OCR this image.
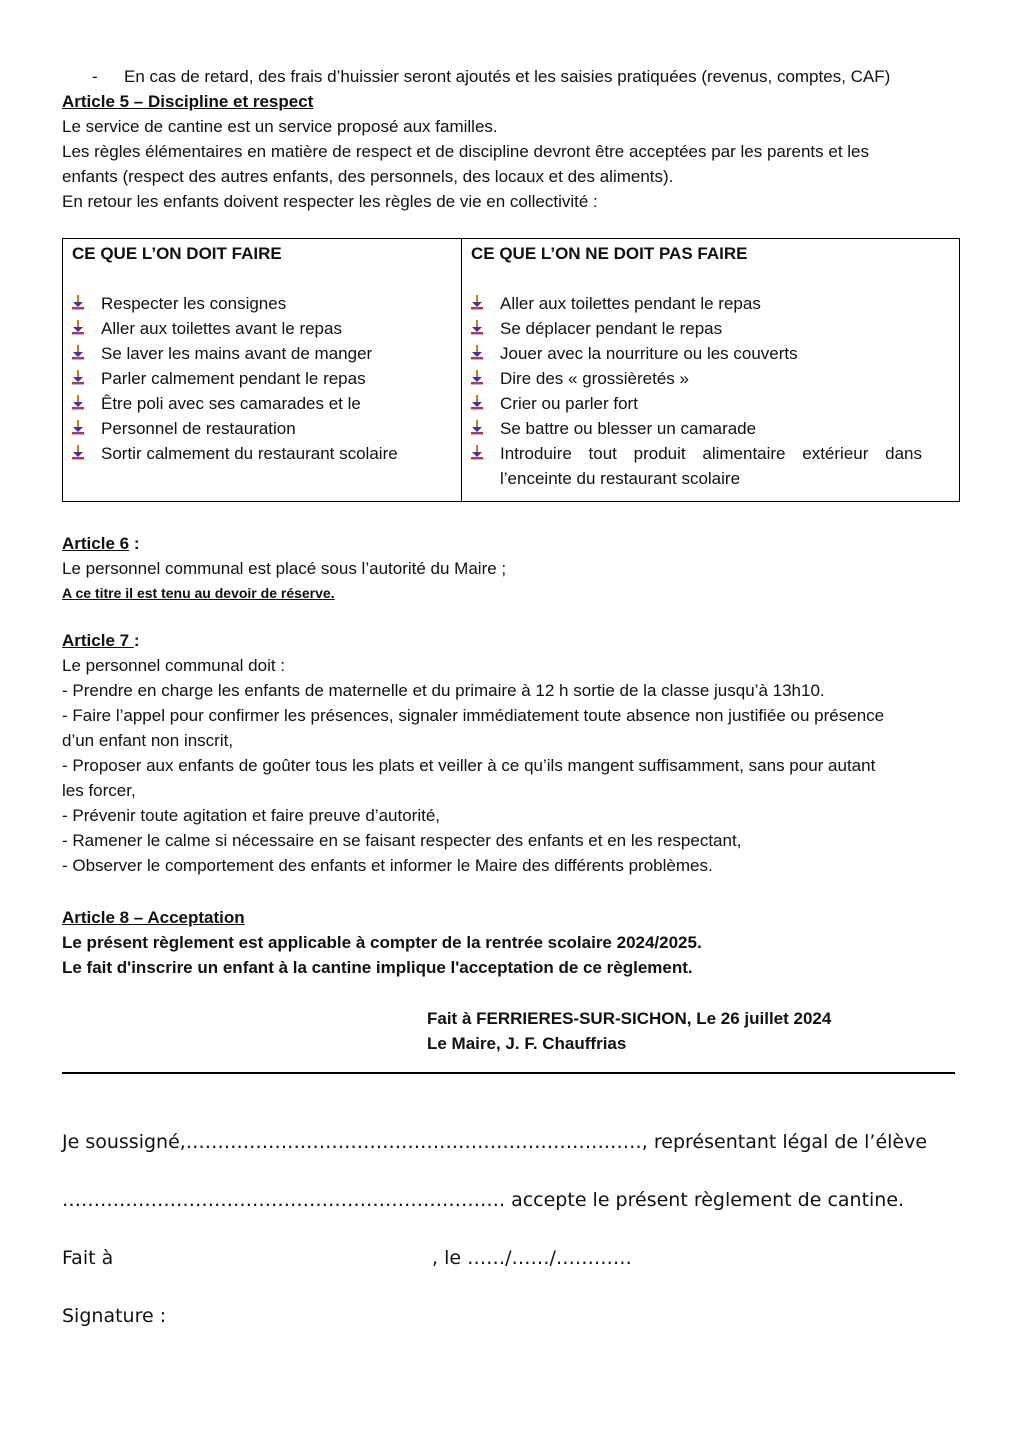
- En cas de retard, des frais d’huissier seront ajoutés et les saisies pratiquées (revenus, comptes, CAF)

Article 5 – Discipline et respect

Le service de cantine est un service proposé aux familles.

Les règles élémentaires en matière de respect et de discipline devront être acceptées par les parents et les

enfants (respect des autres enfants, des personnels, des locaux et des aliments).

En retour les enfants doivent respecter les règles de vie en collectivité :

CE QUE L’ON DOIT FAIRE
Respecter les consignes
Aller aux toilettes avant le repas
Se laver les mains avant de manger
Parler calmement pendant le repas
Être poli avec ses camarades et le
Personnel de restauration
Sortir calmement du restaurant scolaire
CE QUE L’ON NE DOIT PAS FAIRE
Aller aux toilettes pendant le repas
Se déplacer pendant le repas
Jouer avec la nourriture ou les couverts
Dire des « grossièretés »
Crier ou parler fort
Se battre ou blesser un camarade
Introduire tout produit alimentaire extérieur dans l’enceinte du restaurant scolaire

Article 6 :

Le personnel communal est placé sous l’autorité du Maire ;

A ce titre il est tenu au devoir de réserve.

Article 7 :

Le personnel communal doit :

- Prendre en charge les enfants de maternelle et du primaire à 12 h sortie de la classe jusqu’à 13h10.

- Faire l’appel pour confirmer les présences, signaler immédiatement toute absence non justifiée ou présence

d’un enfant non inscrit,

- Proposer aux enfants de goûter tous les plats et veiller à ce qu’ils mangent suffisamment, sans pour autant

les forcer,

- Prévenir toute agitation et faire preuve d’autorité,

- Ramener le calme si nécessaire en se faisant respecter des enfants et en les respectant,

- Observer le comportement des enfants et informer le Maire des différents problèmes.

Article 8 – Acceptation

Le présent règlement est applicable à compter de la rentrée scolaire 2024/2025.

Le fait d'inscrire un enfant à la cantine implique l'acceptation de ce règlement.

Fait à FERRIERES-SUR-SICHON, Le 26 juillet 2024

Le Maire, J. F. Chauffrias

Je soussigné,………………………………………………………………, représentant légal de l’élève

……………………………………………………………. accepte le présent règlement de cantine.

Fait à	, le ……/……/…………

Signature :
